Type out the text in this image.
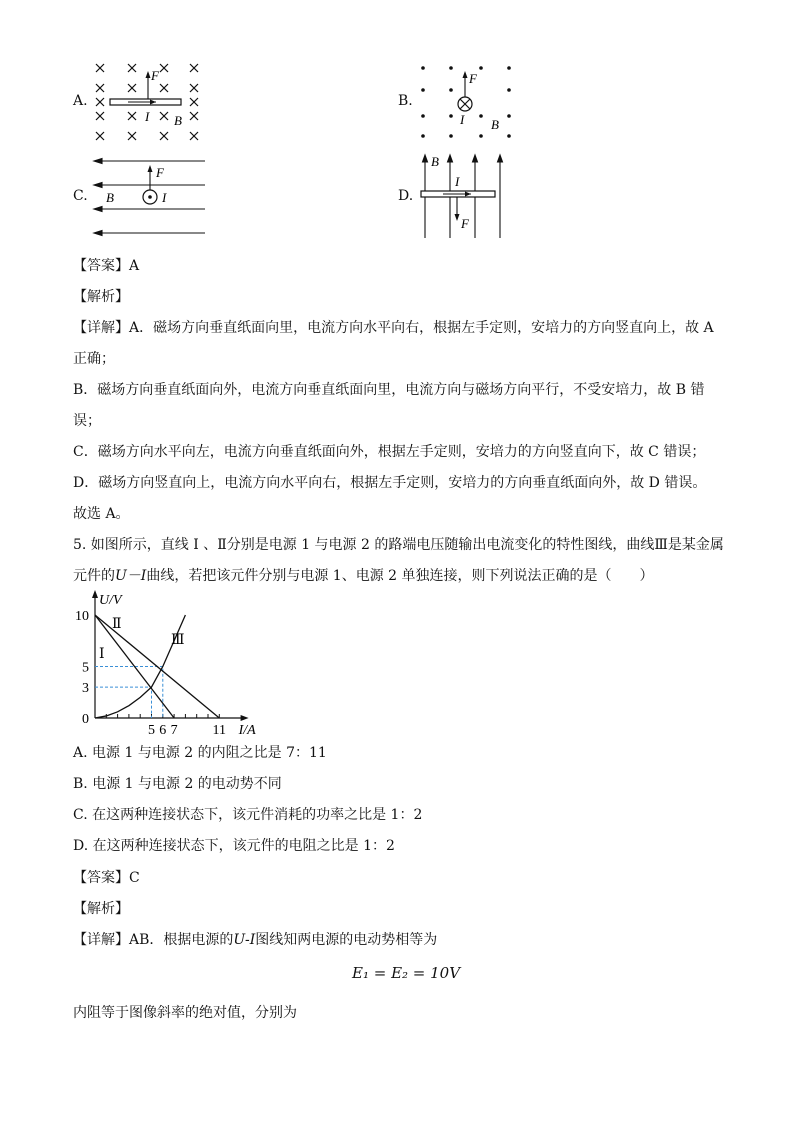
A.
F
I B
B.
F
I B
C.
F
I
B	D.
F
I
B
【答案】A
【解析】
【详解】A．磁场方向垂直纸面向里，电流方向水平向右，根据左手定则，安培力的方向竖直向上，故 A
正确；
B．磁场方向垂直纸面向外，电流方向垂直纸面向里，电流方向与磁场方向平行，不受安培力，故 B 错
误；
C．磁场方向水平向左，电流方向垂直纸面向外，根据左手定则，安培力的方向竖直向下，故 C 错误；
D．磁场方向竖直向上，电流方向水平向右，根据左手定则，安培力的方向垂直纸面向外，故 D 错误。
故选 A。
5. 如图所示，直线 Ⅰ 、Ⅱ分别是电源 1 与电源 2 的路端电压随输出电流变化的特性图线，曲线Ⅲ是某金属
元件的U－I曲线，若把该元件分别与电源 1、电源 2 单独连接，则下列说法正确的是（　　）
Ⅰ
Ⅱ
Ⅲ
10
5
3
0
5 6 7 11 I/A
U/V
A. 电源 1 与电源 2 的内阻之比是 7：11
B. 电源 1 与电源 2 的电动势不同
C. 在这两种连接状态下，该元件消耗的功率之比是 1：2
D. 在这两种连接状态下，该元件的电阻之比是 1：2
【答案】C
【解析】
【详解】AB．根据电源的U-I图线知两电源的电动势相等为
E₁ = E₂ = 10V
内阻等于图像斜率的绝对值，分别为
